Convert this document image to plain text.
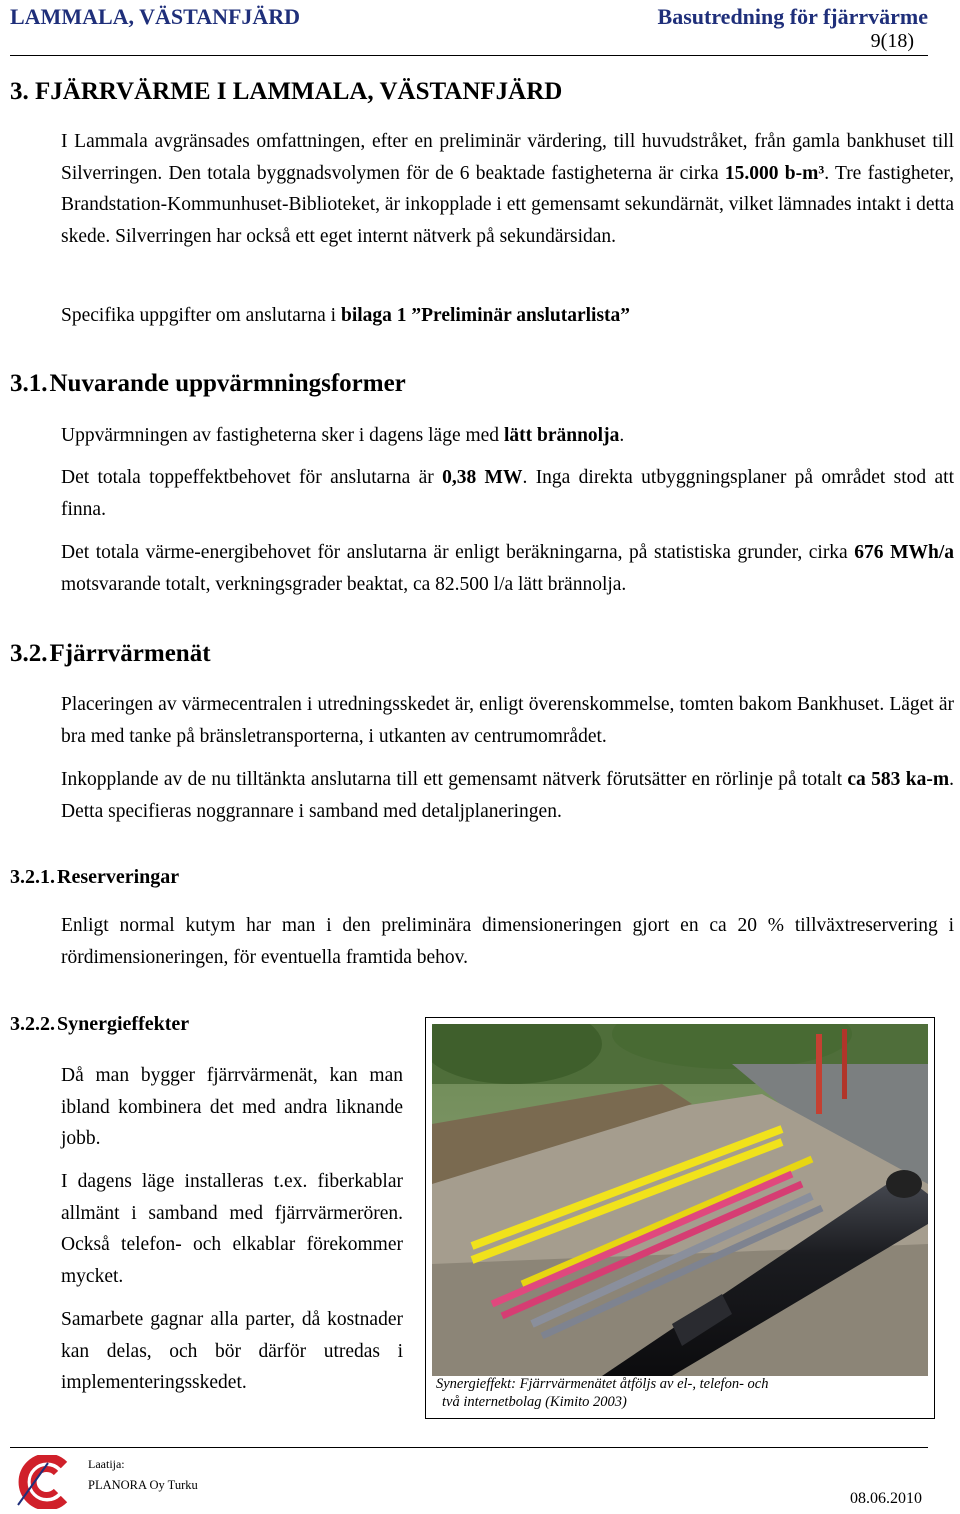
LAMMALA, VÄSTANFJÄRD	Basutredning för fjärrvärme
9(18)
3. FJÄRRVÄRME I LAMMALA, VÄSTANFJÄRD
I Lammala avgränsades omfattningen, efter en preliminär värdering, till huvudstråket, från gamla bankhuset till Silverringen. Den totala byggnadsvolymen för de 6 beaktade fastigheterna är cirka 15.000 b-m³. Tre fastigheter, Brandstation-Kommunhuset-Biblioteket, är inkopplade i ett gemensamt sekundärnät, vilket lämnades intakt i detta skede. Silverringen har också ett eget internt nätverk på sekundärsidan.
Specifika uppgifter om anslutarna i bilaga 1 ”Preliminär anslutarlista”
3.1.Nuvarande uppvärmningsformer
Uppvärmningen av fastigheterna sker i dagens läge med lätt brännolja.
Det totala toppeffektbehovet för anslutarna är 0,38 MW. Inga direkta utbyggningsplaner på området stod att finna.
Det totala värme-energibehovet för anslutarna är enligt beräkningarna, på statistiska grunder, cirka 676 MWh/a motsvarande totalt, verkningsgrader beaktat, ca 82.500 l/a lätt brännolja.
3.2.Fjärrvärmenät
Placeringen av värmecentralen i utredningsskedet är, enligt överenskommelse, tomten bakom Bankhuset. Läget är bra med tanke på bränsletransporterna, i utkanten av centrumområdet.
Inkopplande av de nu tilltänkta anslutarna till ett gemensamt nätverk förutsätter en rörlinje på totalt ca 583 ka-m. Detta specifieras noggrannare i samband med detaljplaneringen.
3.2.1. Reserveringar
Enligt normal kutym har man i den preliminära dimensioneringen gjort en ca 20 % tillväxtreservering i rördimensioneringen, för eventuella framtida behov.
3.2.2. Synergieffekter
Då man bygger fjärrvärmenät, kan man ibland kombinera det med andra liknande jobb.
I dagens läge installeras t.ex. fiberkablar allmänt i samband med fjärrvärmerören. Också telefon- och elkablar förekommer mycket.
Samarbete gagnar alla parter, då kostnader kan delas, och bör därför utredas i implementeringsskedet.	Synergieffekt: Fjärrvärmenätet åtföljs av el-, telefon- och
två internetbolag (Kimito 2003)
Laatija:
PLANORA Oy Turku
08.06.2010
